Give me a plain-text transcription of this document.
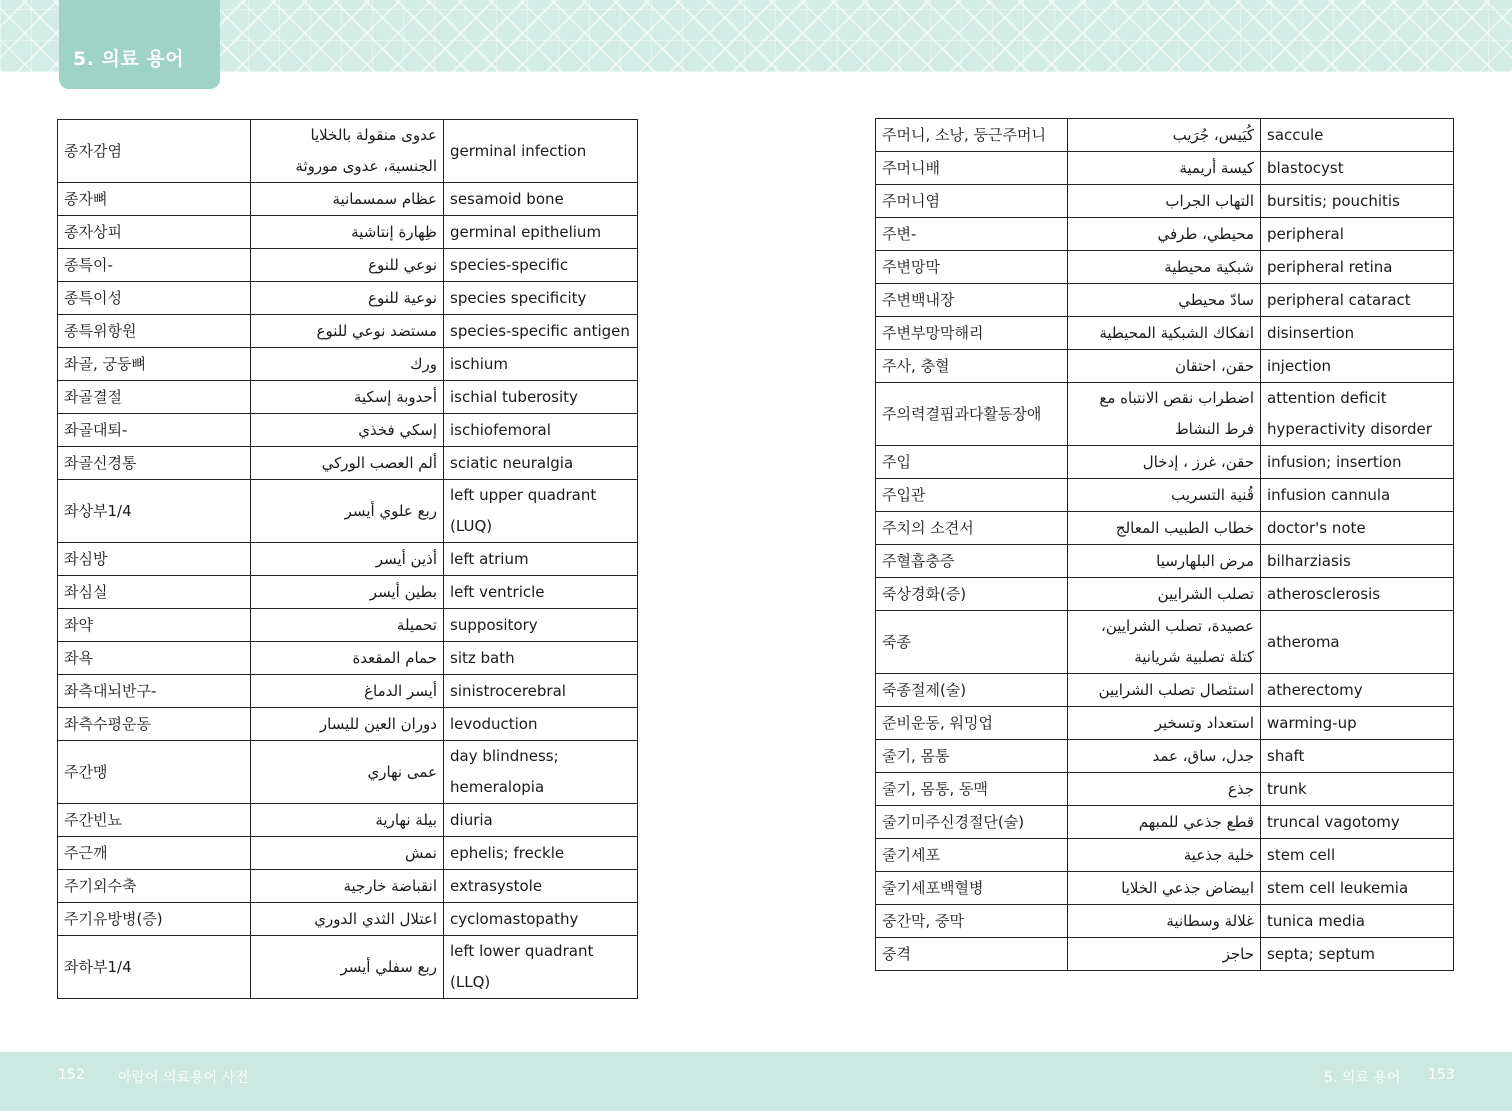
5. 의료 용어
종자감염	عدوى منقولة بالخلايا الجنسية، عدوى موروثة	germinal infection
종자뼈	عظام سمسمانية	sesamoid bone
종자상피	ظِهارة إنتاشية	germinal epithelium
종특이-	نوعي للنوع	species-specific
종특이성	نوعية للنوع	species specificity
종특위항원	مستضد نوعي للنوع	species-specific antigen
좌골, 궁둥뼈	ورك	ischium
좌골결절	أحدوبة إسكية	ischial tuberosity
좌골대퇴-	إسكي فخذي	ischiofemoral
좌골신경통	ألم العصب الوركي	sciatic neuralgia
좌상부1/4	ربع علوي أيسر	left upper quadrant (LUQ)
좌심방	أذين أيسر	left atrium
좌심실	بطين أيسر	left ventricle
좌약	تحميلة	suppository
좌욕	حمام المقعدة	sitz bath
좌측대뇌반구-	أيسر الدماغ	sinistrocerebral
좌측수평운동	دوران العين لليسار	levoduction
주간맹	عمى نهاري	day blindness; hemeralopia
주간빈뇨	بيلة نهارية	diuria
주근깨	نمش	ephelis; freckle
주기외수축	انقباضة خارجية	extrasystole
주기유방병(증)	اعتلال الثدي الدوري	cyclomastopathy
좌하부1/4	ربع سفلي أيسر	left lower quadrant (LLQ)
주머니, 소낭, 둥근주머니	كُيَيس، جُرَيب	saccule
주머니배	كيسة أريمية	blastocyst
주머니염	التهاب الجراب	bursitis; pouchitis
주변-	محيطي، طرفي	peripheral
주변망막	شبكية محيطية	peripheral retina
주변백내장	سادّ محيطي	peripheral cataract
주변부망막해리	انفكاك الشبكية المحيطية	disinsertion
주사, 충혈	حقن، احتقان	injection
주의력결핍과다활동장애	اضطراب نقص الانتباه مع فرط النشاط	attention deficit hyperactivity disorder
주입	حقن، غرز ، إدخال	infusion; insertion
주입관	قُنية التسريب	infusion cannula
주치의 소견서	خطاب الطبيب المعالج	doctor's note
주혈흡충증	مرض البلهارسيا	bilharziasis
죽상경화(증)	تصلب الشرايين	atherosclerosis
죽종	عصيدة، تصلب الشرايين، كتلة تصلبية شريانية	atheroma
죽종절제(술)	استئصال تصلب الشرايين	atherectomy
준비운동, 워밍업	استعداد وتسخير	warming-up
줄기, 몸통	جدل، ساق، عمد	shaft
줄기, 몸통, 동맥	جذع	trunk
줄기미주신경절단(술)	قطع جذعي للمبهم	truncal vagotomy
줄기세포	خلية جذعية	stem cell
줄기세포백혈병	ابيضاض جذعي الخلايا	stem cell leukemia
중간막, 중막	غلالة وسطانية	tunica media
중격	حاجز	septa; septum
152 아랍어 의료용어 사전	5. 의료 용어 153
